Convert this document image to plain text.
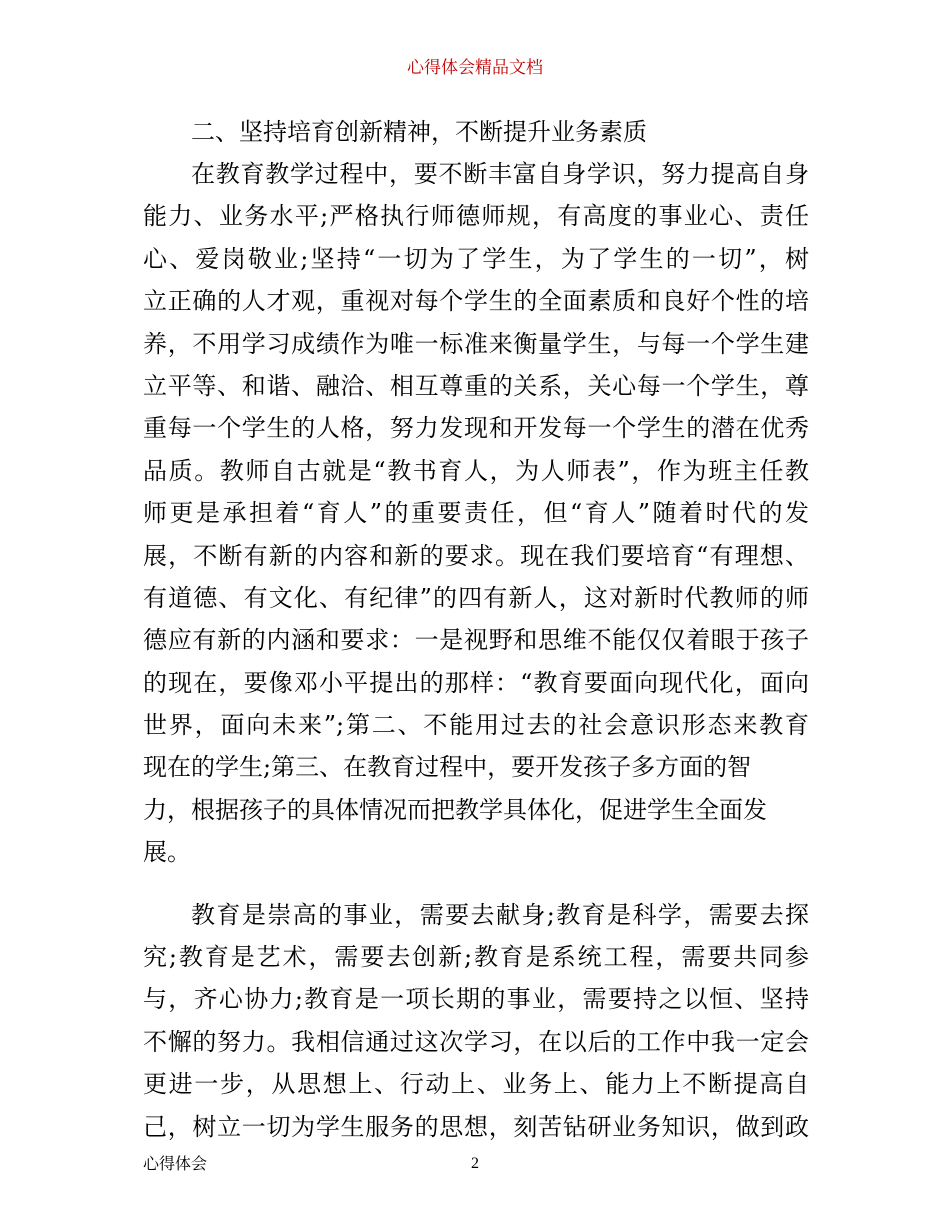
心得体会精品文档
二、坚持培育创新精神，不断提升业务素质
在教育教学过程中，要不断丰富自身学识，努力提高自身
能力、业务水平;严格执行师德师规，有高度的事业心、责任
心、爱岗敬业;坚持“一切为了学生，为了学生的一切”，树
立正确的人才观，重视对每个学生的全面素质和良好个性的培
养，不用学习成绩作为唯一标准来衡量学生，与每一个学生建
立平等、和谐、融洽、相互尊重的关系，关心每一个学生，尊
重每一个学生的人格，努力发现和开发每一个学生的潜在优秀
品质。教师自古就是“教书育人，为人师表”，作为班主任教
师更是承担着“育人”的重要责任，但“育人”随着时代的发
展，不断有新的内容和新的要求。现在我们要培育“有理想、
有道德、有文化、有纪律”的四有新人，这对新时代教师的师
德应有新的内涵和要求：一是视野和思维不能仅仅着眼于孩子
的现在，要像邓小平提出的那样：“教育要面向现代化，面向
世界，面向未来”;第二、不能用过去的社会意识形态来教育
现在的学生;第三、在教育过程中，要开发孩子多方面的智
力，根据孩子的具体情况而把教学具体化，促进学生全面发
展。
教育是崇高的事业，需要去献身;教育是科学，需要去探
究;教育是艺术，需要去创新;教育是系统工程，需要共同参
与，齐心协力;教育是一项长期的事业，需要持之以恒、坚持
不懈的努力。我相信通过这次学习，在以后的工作中我一定会
更进一步，从思想上、行动上、业务上、能力上不断提高自
己，树立一切为学生服务的思想，刻苦钻研业务知识，做到政
心得体会	2
